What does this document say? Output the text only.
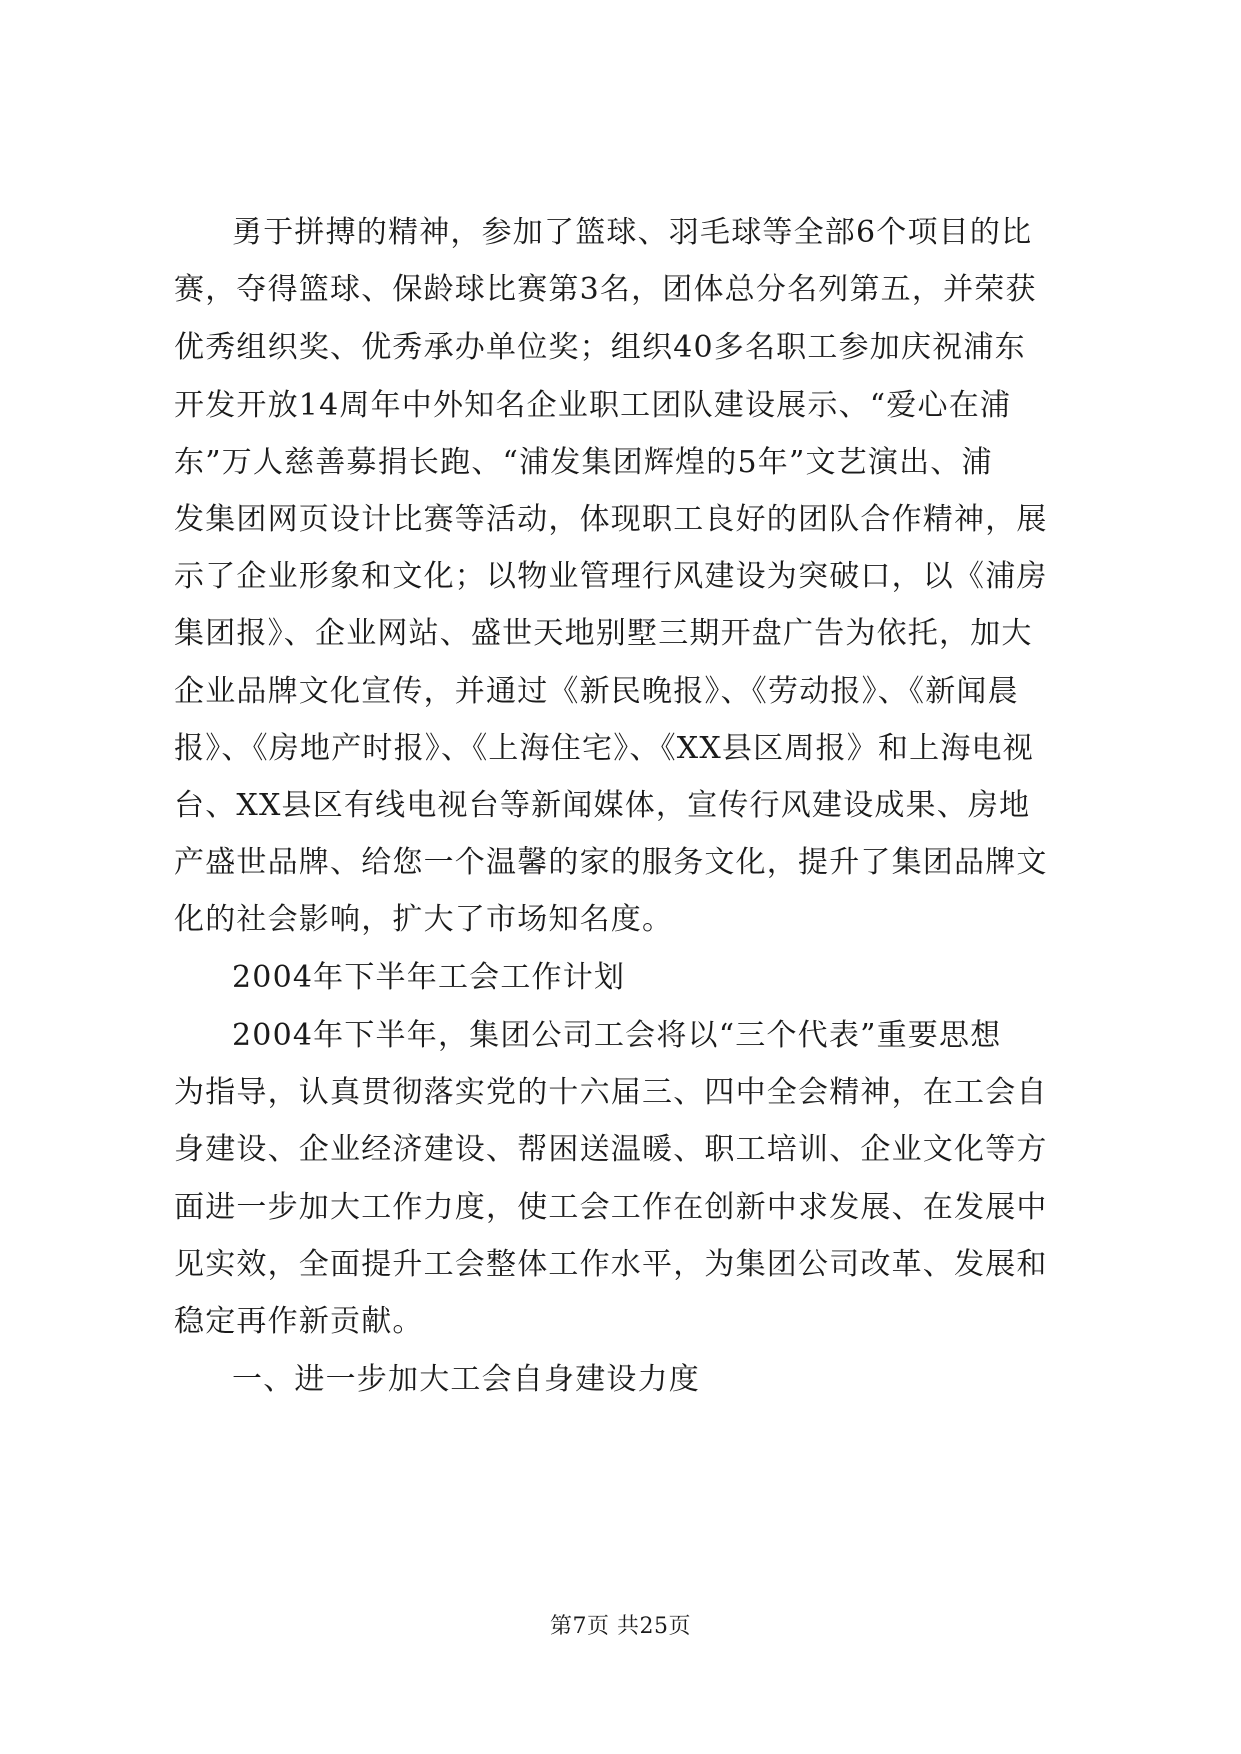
勇于拼搏的精神，参加了篮球、羽毛球等全部6个项目的比
赛，夺得篮球、保龄球比赛第3名，团体总分名列第五，并荣获
优秀组织奖、优秀承办单位奖；组织40多名职工参加庆祝浦东
开发开放14周年中外知名企业职工团队建设展示、“爱心在浦
东”万人慈善募捐长跑、“浦发集团辉煌的5年”文艺演出、浦
发集团网页设计比赛等活动，体现职工良好的团队合作精神，展
示了企业形象和文化；以物业管理行风建设为突破口，以《浦房
集团报》、企业网站、盛世天地别墅三期开盘广告为依托，加大
企业品牌文化宣传，并通过《新民晚报》、《劳动报》、《新闻晨
报》、《房地产时报》、《上海住宅》、《XX县区周报》和上海电视
台、XX县区有线电视台等新闻媒体，宣传行风建设成果、房地
产盛世品牌、给您一个温馨的家的服务文化，提升了集团品牌文
化的社会影响，扩大了市场知名度。
2004年下半年工会工作计划
2004年下半年，集团公司工会将以“三个代表”重要思想
为指导，认真贯彻落实党的十六届三、四中全会精神，在工会自
身建设、企业经济建设、帮困送温暖、职工培训、企业文化等方
面进一步加大工作力度，使工会工作在创新中求发展、在发展中
见实效，全面提升工会整体工作水平，为集团公司改革、发展和
稳定再作新贡献。
一、进一步加大工会自身建设力度
第7页 共25页
